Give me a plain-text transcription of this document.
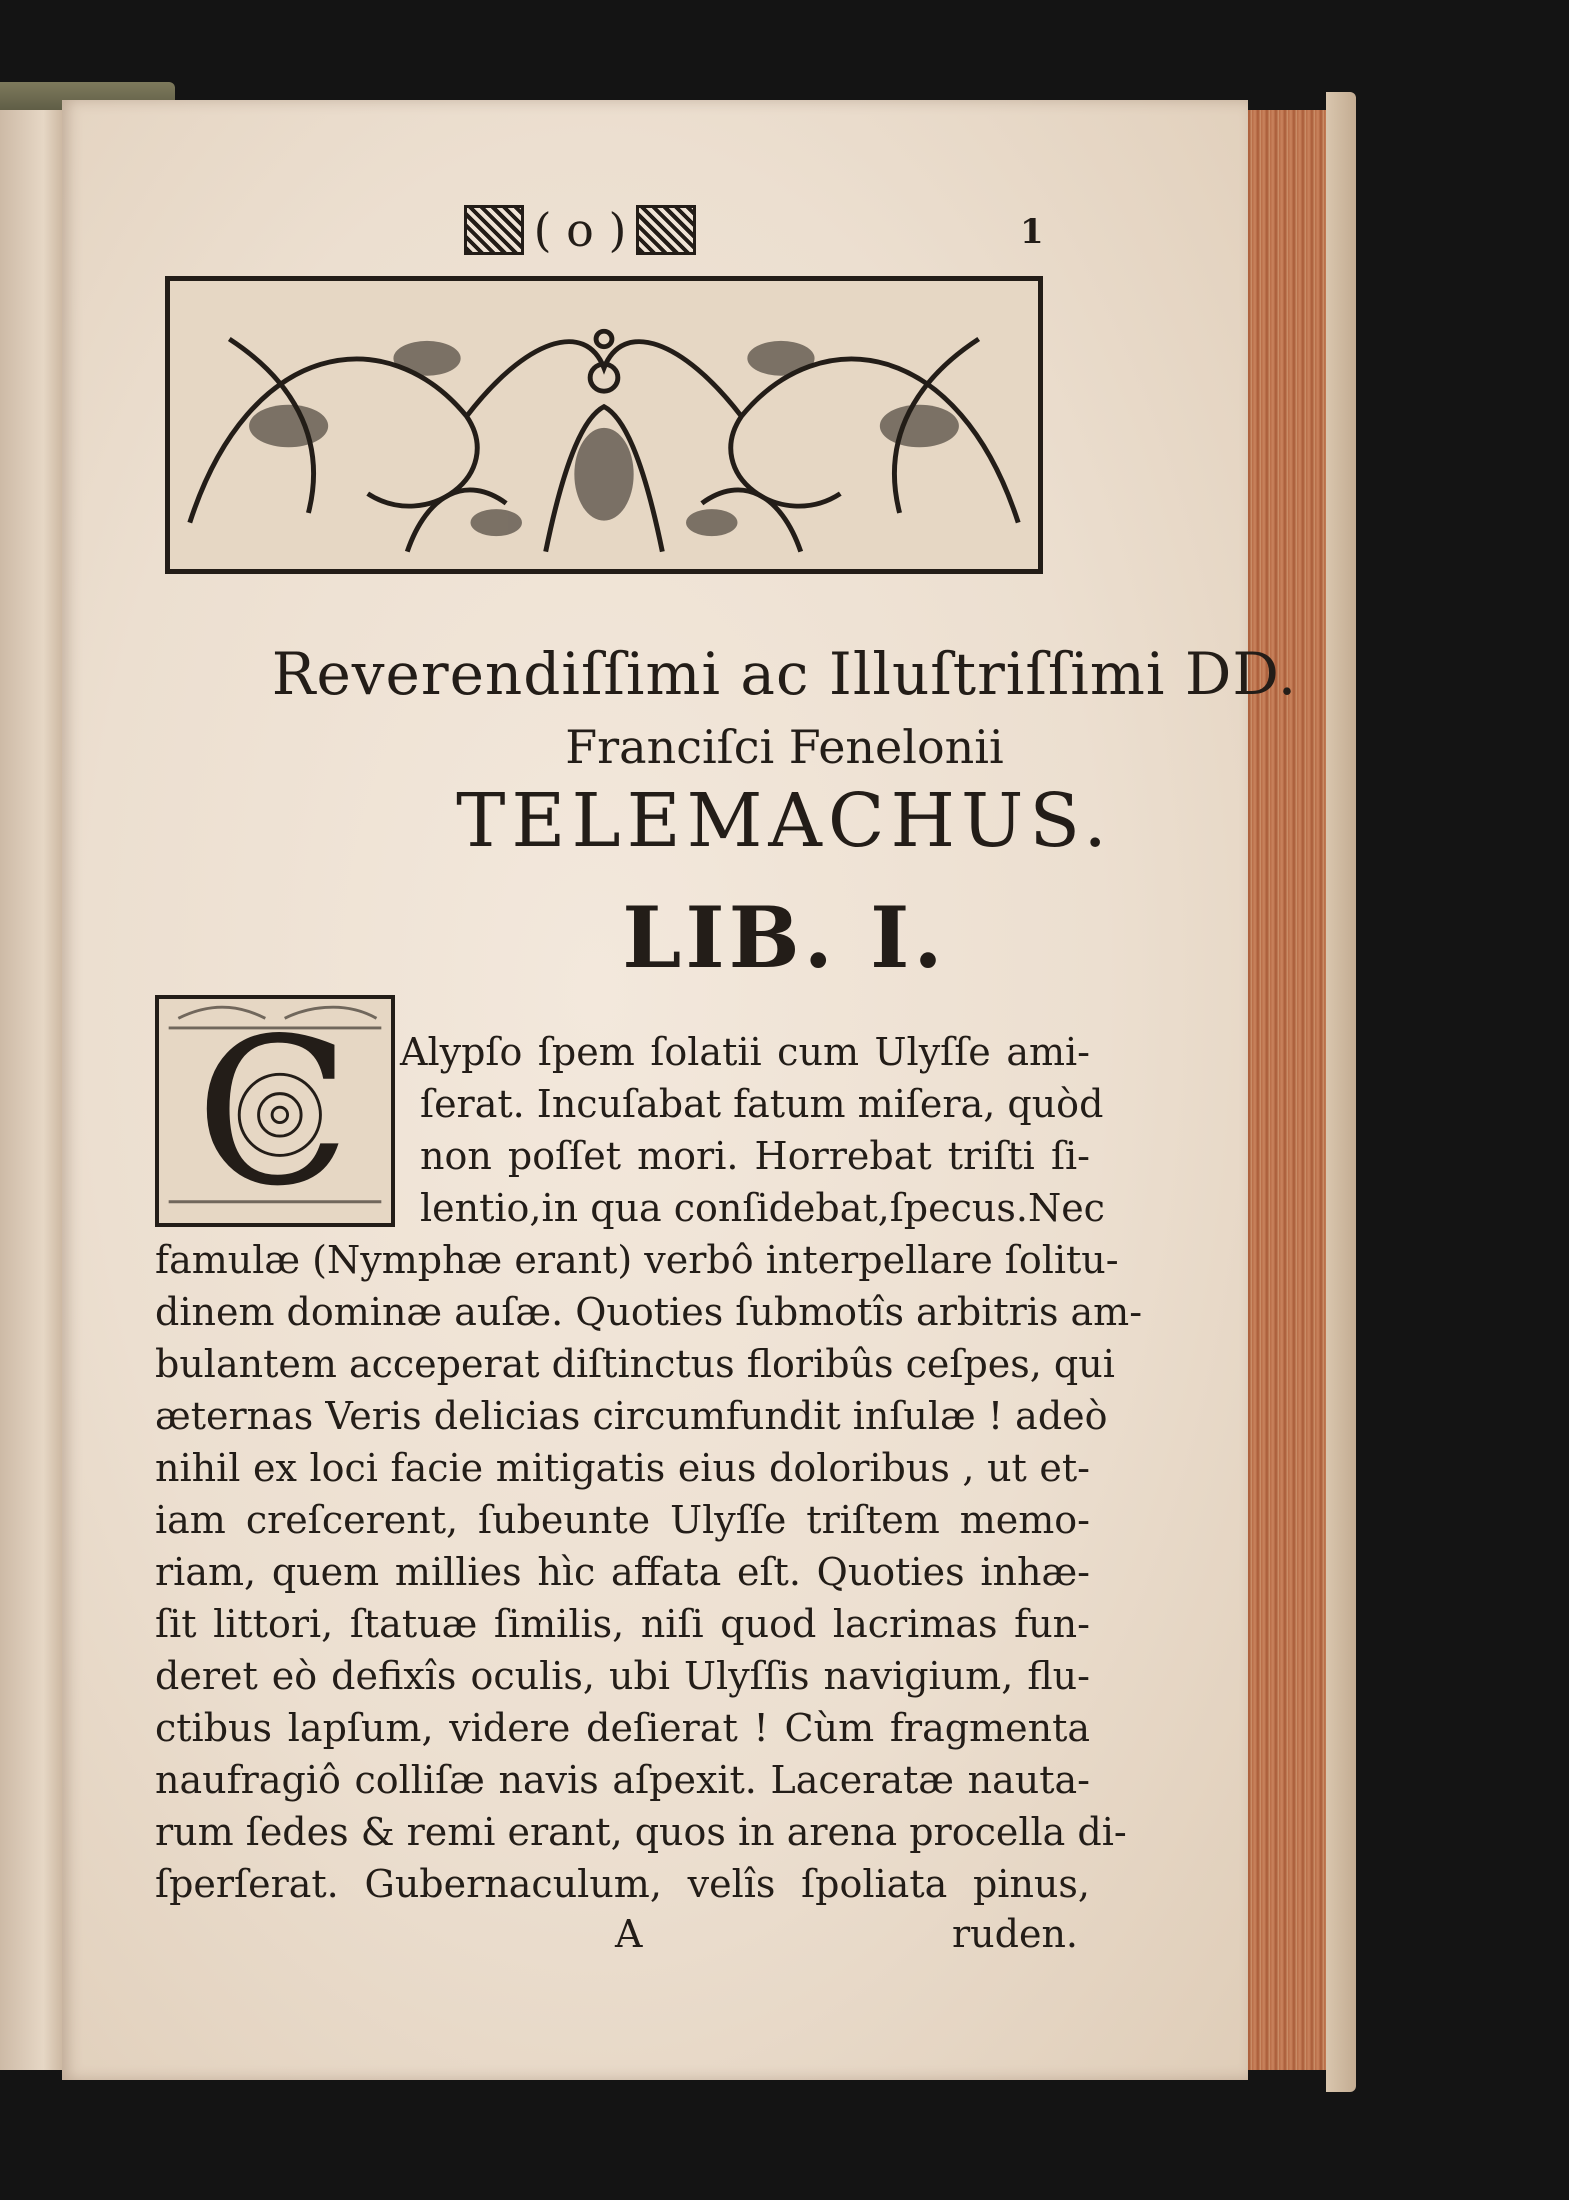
( o )	1
Reverendiſſimi ac Illuſtriſſimi DD.
Franciſci Fenelonii
TELEMACHUS.
LIB. I.
C Alypſo ſpem ſolatii cum Ulyſſe ami-
ſerat. Incuſabat fatum miſera, quòd
non poſſet mori. Horrebat triſti ſi-
lentio,in qua conſidebat,ſpecus.Nec
famulæ (Nymphæ erant) verbô interpellare ſolitu-
dinem dominæ auſæ. Quoties ſubmotîs arbitris am-
bulantem acceperat diſtinctus floribûs ceſpes, qui
æternas Veris delicias circumfundit inſulæ ! adeò
nihil ex loci facie mitigatis eius doloribus , ut et-
iam creſcerent, ſubeunte Ulyſſe triſtem memo-
riam, quem millies hìc affata eſt. Quoties inhæ-
ſit littori, ſtatuæ ſimilis, niſi quod lacrimas fun-
deret eò defixîs oculis, ubi Ulyſſis navigium, flu-
ctibus lapſum, videre deſierat ! Cùm fragmenta
naufragiô colliſæ navis aſpexit. Laceratæ nauta-
rum ſedes & remi erant, quos in arena procella di-
ſperſerat. Gubernaculum, velîs ſpoliata pinus,
A	ruden.
